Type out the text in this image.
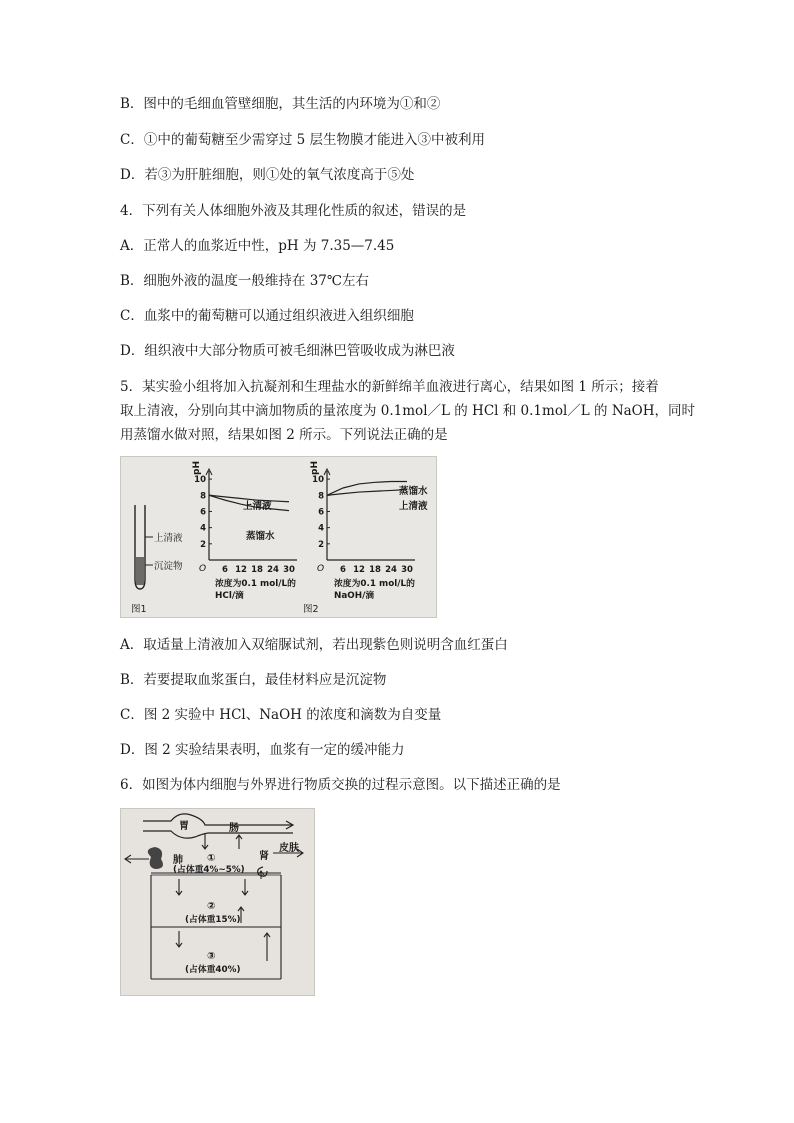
B．图中的毛细血管壁细胞，其生活的内环境为①和②
C．①中的葡萄糖至少需穿过 5 层生物膜才能进入③中被利用
D．若③为肝脏细胞，则①处的氧气浓度高于⑤处
4．下列有关人体细胞外液及其理化性质的叙述，错误的是
A．正常人的血浆近中性，pH 为 7.35—7.45
B．细胞外液的温度一般维持在 37℃左右
C．血浆中的葡萄糖可以通过组织液进入组织细胞
D．组织液中大部分物质可被毛细淋巴管吸收成为淋巴液
5．某实验小组将加入抗凝剂和生理盐水的新鲜绵羊血液进行离心，结果如图 1 所示；接着
取上清液，分别向其中滴加物质的量浓度为 0.1mol／L 的 HCl 和 0.1mol／L 的 NaOH，同时
用蒸馏水做对照，结果如图 2 所示。下列说法正确的是
上清液
沉淀物
图1	图2
pH
O
2
4
6
8
10
6 12 18 24 30
上清液
蒸馏水
浓度为0.1 mol/L的
HCl/滴
pH
O
2
4
6
8
10
6 12 18 24 30
蒸馏水
上清液
浓度为0.1 mol/L的
NaOH/滴
A．取适量上清液加入双缩脲试剂，若出现紫色则说明含血红蛋白
B．若要提取血浆蛋白，最佳材料应是沉淀物
C．图 2 实验中 HCl、NaOH 的浓度和滴数为自变量
D．图 2 实验结果表明，血浆有一定的缓冲能力
6．如图为体内细胞与外界进行物质交换的过程示意图。以下描述正确的是
胃	肠
肺	肾
皮肤
①
(占体重4%~5%)
②
(占体重15%)
③
(占体重40%)
